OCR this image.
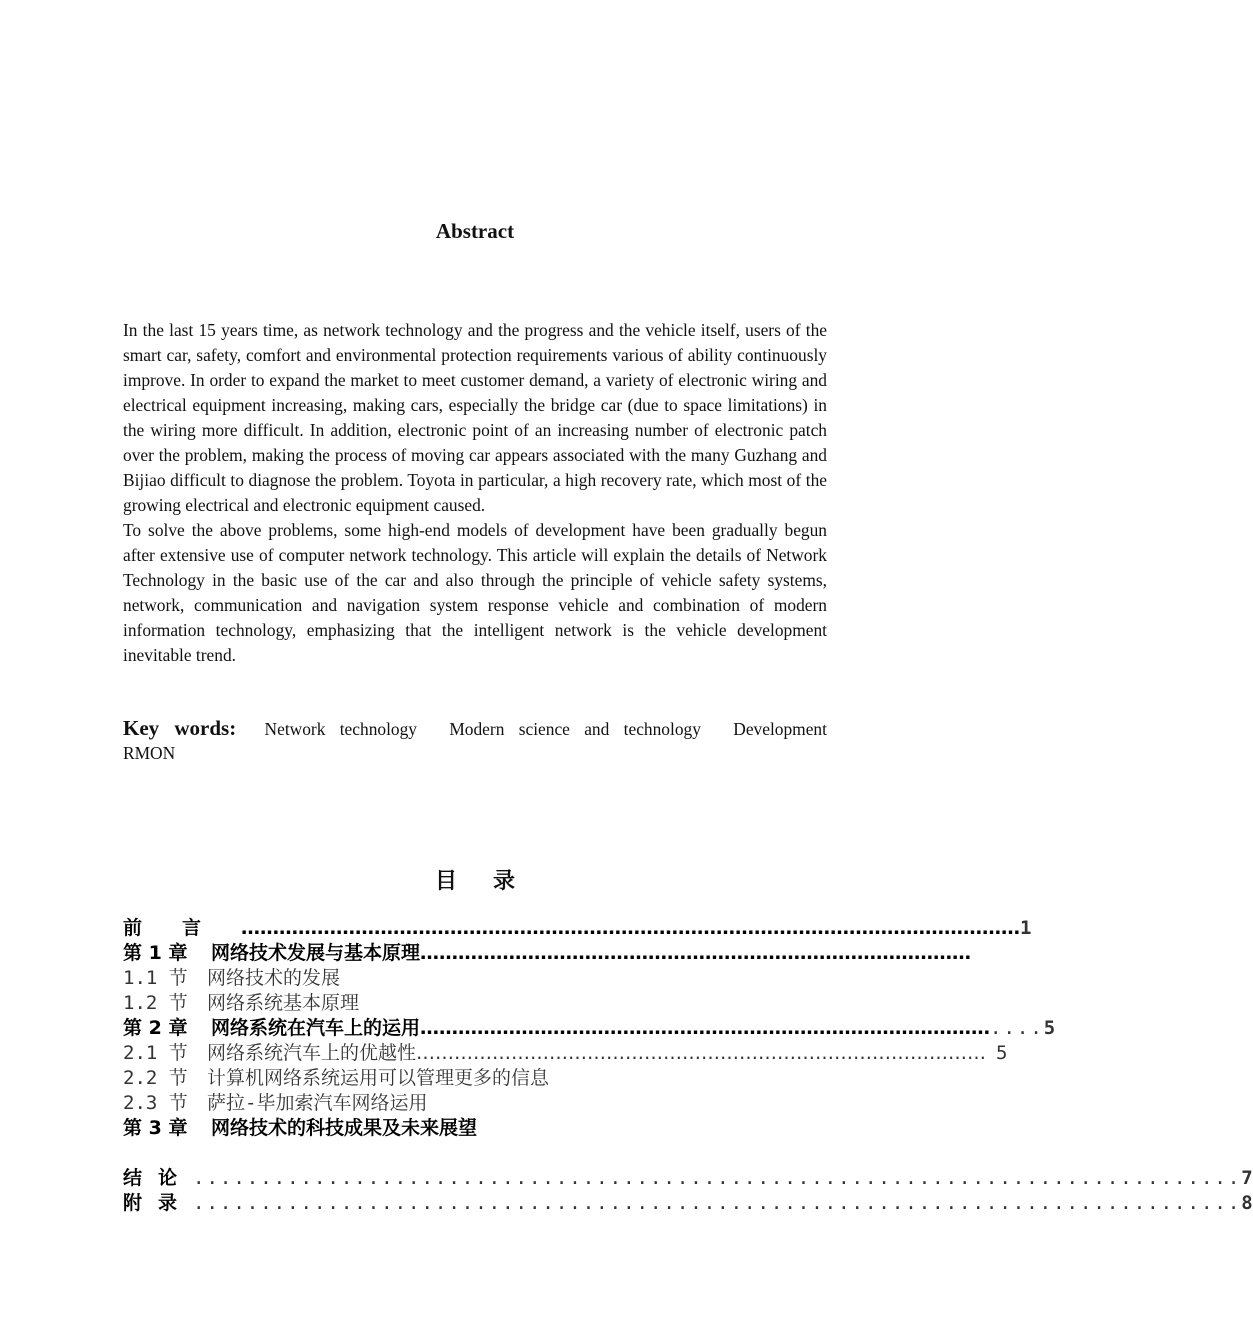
Abstract

In the last 15 years time, as network technology and the progress and the vehicle itself, users of the smart car, safety, comfort and environmental protection requirements various of ability continuously improve. In order to expand the market to meet customer demand, a variety of electronic wiring and electrical equipment increasing, making cars, especially the bridge car (due to space limitations) in the wiring more difficult. In addition, electronic point of an increasing number of electronic patch over the problem, making the process of moving car appears associated with the many Guzhang and Bijiao difficult to diagnose the problem. Toyota in particular, a high recovery rate, which most of the growing electrical and electronic equipment caused.

To solve the above problems, some high-end models of development have been gradually begun after extensive use of computer network technology. This article will explain the details of Network Technology in the basic use of the car and also through the principle of vehicle safety systems, network, communication and navigation system response vehicle and combination of modern information technology, emphasizing that the intelligent network is the vehicle development inevitable trend.

Key words: Network technology Modern science and technology Development
RMON
目录
前言 …………………………………………………………………………………………………………… 1
第 1 章 网络技术发展与基本原理 ……………………………………………………………………………
1.1 节 网络技术的发展
1.2 节 网络系统基本原理
第 2 章 网络系统在汽车上的运用 ……………………………………………………………………………….... 5
2.1 节 网络系统汽车上的优越性 ……………………………………………………………………………… 5
2.2 节 计算机网络系统运用可以管理更多的信息
2.3 节 萨拉-毕加索汽车网络运用
第 3 章 网络技术的科技成果及未来展望
结论 .............................................................................. 7
附录 .............................................................................. 8
